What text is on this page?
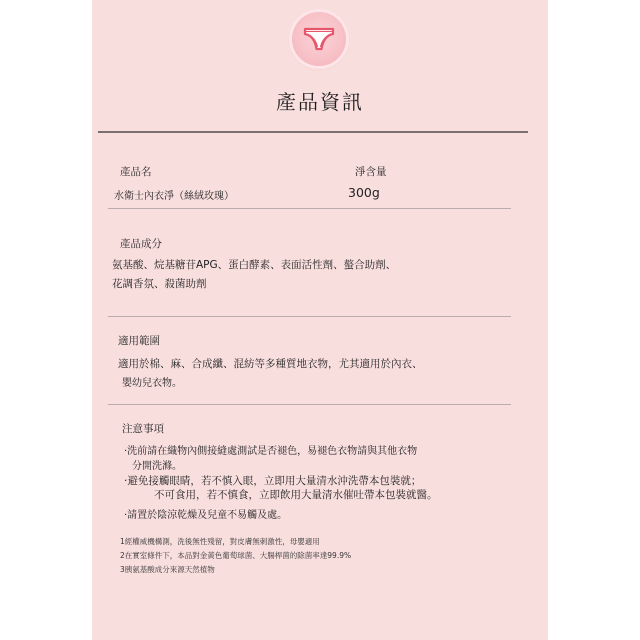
產品資訊
產品名	淨含量
水衛士內衣淨（絲絨玫瑰）	300g
產品成分
氨基酸、烷基糖苷APG、蛋白酵素、表面活性劑、螯合助劑、
花調香氛、殺菌助劑
適用範圍
適用於棉、麻、合成纖、混紡等多種質地衣物，尤其適用於內衣、
嬰幼兒衣物。
注意事項
·洗前請在織物內側接縫處測試是否褪色，易褪色衣物請與其他衣物
分開洗滌。
·避免接觸眼睛，若不慎入眼，立即用大量清水沖洗帶本包裝就；
不可食用，若不慎食，立即飲用大量清水催吐帶本包裝就醫。
·請置於陰涼乾燥及兒童不易觸及處。
1經權威機構測，洗後無性殘留，對皮膚無刺激性，母嬰適用
2在實室條件下，本品對金黃色葡萄球菌、大腸桿菌的除菌率達99.9%
3胰氨基酸成分來源天然植物
